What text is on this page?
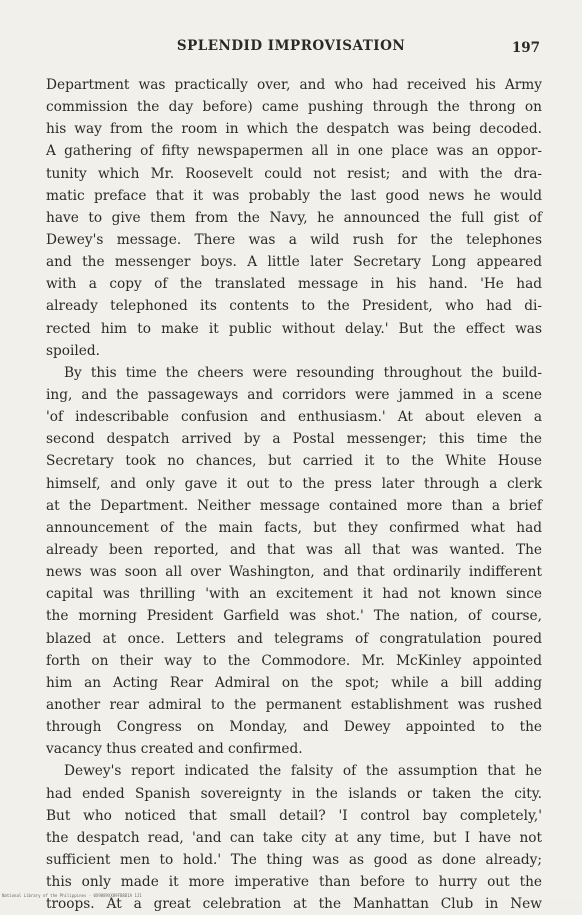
SPLENDID IMPROVISATION	197
Department was practically over, and who had received his Army
commission the day before) came pushing through the throng on
his way from the room in which the despatch was being decoded.
A gathering of fifty newspapermen all in one place was an oppor-
tunity which Mr. Roosevelt could not resist; and with the dra-
matic preface that it was probably the last good news he would
have to give them from the Navy, he announced the full gist of
Dewey's message. There was a wild rush for the telephones
and the messenger boys. A little later Secretary Long appeared
with a copy of the translated message in his hand. 'He had
already telephoned its contents to the President, who had di-
rected him to make it public without delay.' But the effect was
spoiled.
By this time the cheers were resounding throughout the build-
ing, and the passageways and corridors were jammed in a scene
'of indescribable confusion and enthusiasm.' At about eleven a
second despatch arrived by a Postal messenger; this time the
Secretary took no chances, but carried it to the White House
himself, and only gave it out to the press later through a clerk
at the Department. Neither message contained more than a brief
announcement of the main facts, but they confirmed what had
already been reported, and that was all that was wanted. The
news was soon all over Washington, and that ordinarily indifferent
capital was thrilling 'with an excitement it had not known since
the morning President Garfield was shot.' The nation, of course,
blazed at once. Letters and telegrams of congratulation poured
forth on their way to the Commodore. Mr. McKinley appointed
him an Acting Rear Admiral on the spot; while a bill adding
another rear admiral to the permanent establishment was rushed
through Congress on Monday, and Dewey appointed to the
vacancy thus created and confirmed.
Dewey's report indicated the falsity of the assumption that he
had ended Spanish sovereignty in the islands or taken the city.
But who noticed that small detail? 'I control bay completely,'
the despatch read, 'and can take city at any time, but I have not
sufficient men to hold.' The thing was as good as done already;
this only made it more imperative than before to hurry out the
troops. At a great celebration at the Manhattan Club in New
National Library of the Philippines · 0X9889XX09FB8D1A 1J1
